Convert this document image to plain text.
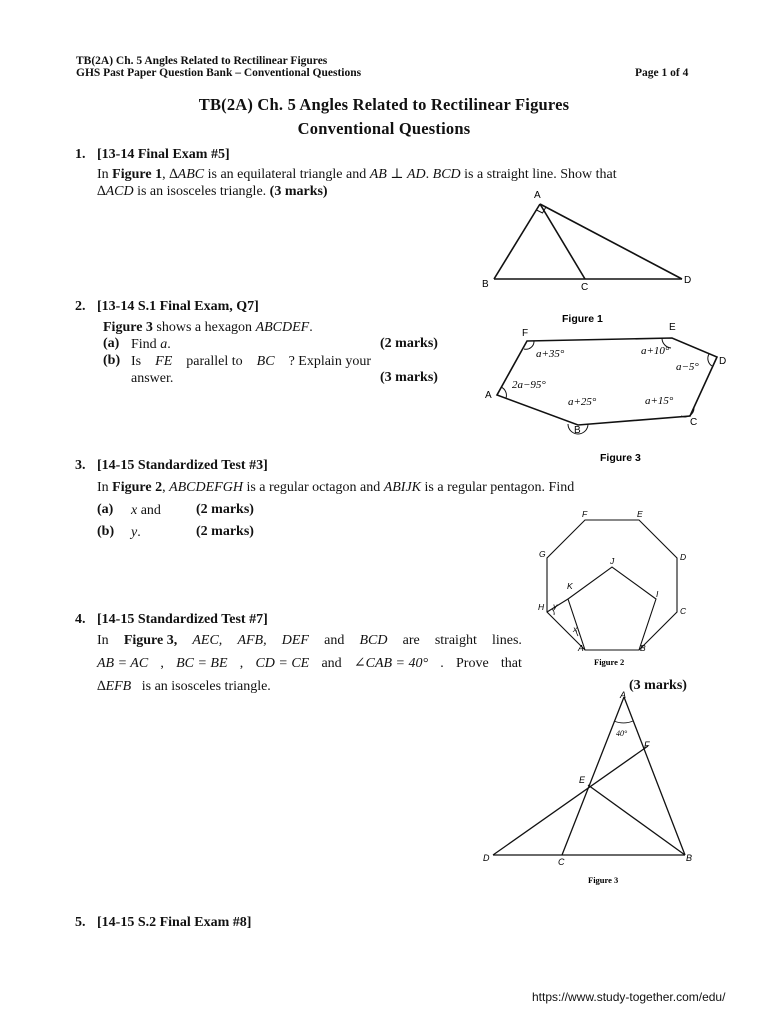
TB(2A) Ch. 5 Angles Related to Rectilinear Figures
GHS Past Paper Question Bank – Conventional Questions	Page 1 of 4
TB(2A) Ch. 5 Angles Related to Rectilinear Figures
Conventional Questions
1. [13-14 Final Exam #5]
In Figure 1, ∆ABC is an equilateral triangle and AB ⊥ AD. BCD is a straight line. Show that
∆ACD is an isosceles triangle. (3 marks)	A
B	C
D
2. [13-14 S.1 Final Exam, Q7]
Figure 3 shows a hexagon ABCDEF.
(a) Find a.	(2 marks)
(b) Is FE parallel to BC ? Explain your
answer.	(3 marks)
Figure 1
F
E
D
A
B
C
a+35°	a+10°
a−5°
2a−95°
a+25°	a+15°
Figure 3
3. [14-15 Standardized Test #3]
In Figure 2, ABCDEFGH is a regular octagon and ABIJK is a regular pentagon. Find
(a) x and	(2 marks)
(b) y.	(2 marks)
F	E
G	D
J
K
I
H y
x
C
A	B
Figure 2
4. [14-15 Standardized Test #7]
In Figure 3, AEC, AFB, DEF and BCD are straight lines.
AB = AC , BC = BE , CD = CE and ∠CAB = 40° . Prove that
∆EFB is an isosceles triangle.	(3 marks)
A
F
E
D	C	B
40°
Figure 3
5. [14-15 S.2 Final Exam #8]
https://www.study-together.com/edu/
